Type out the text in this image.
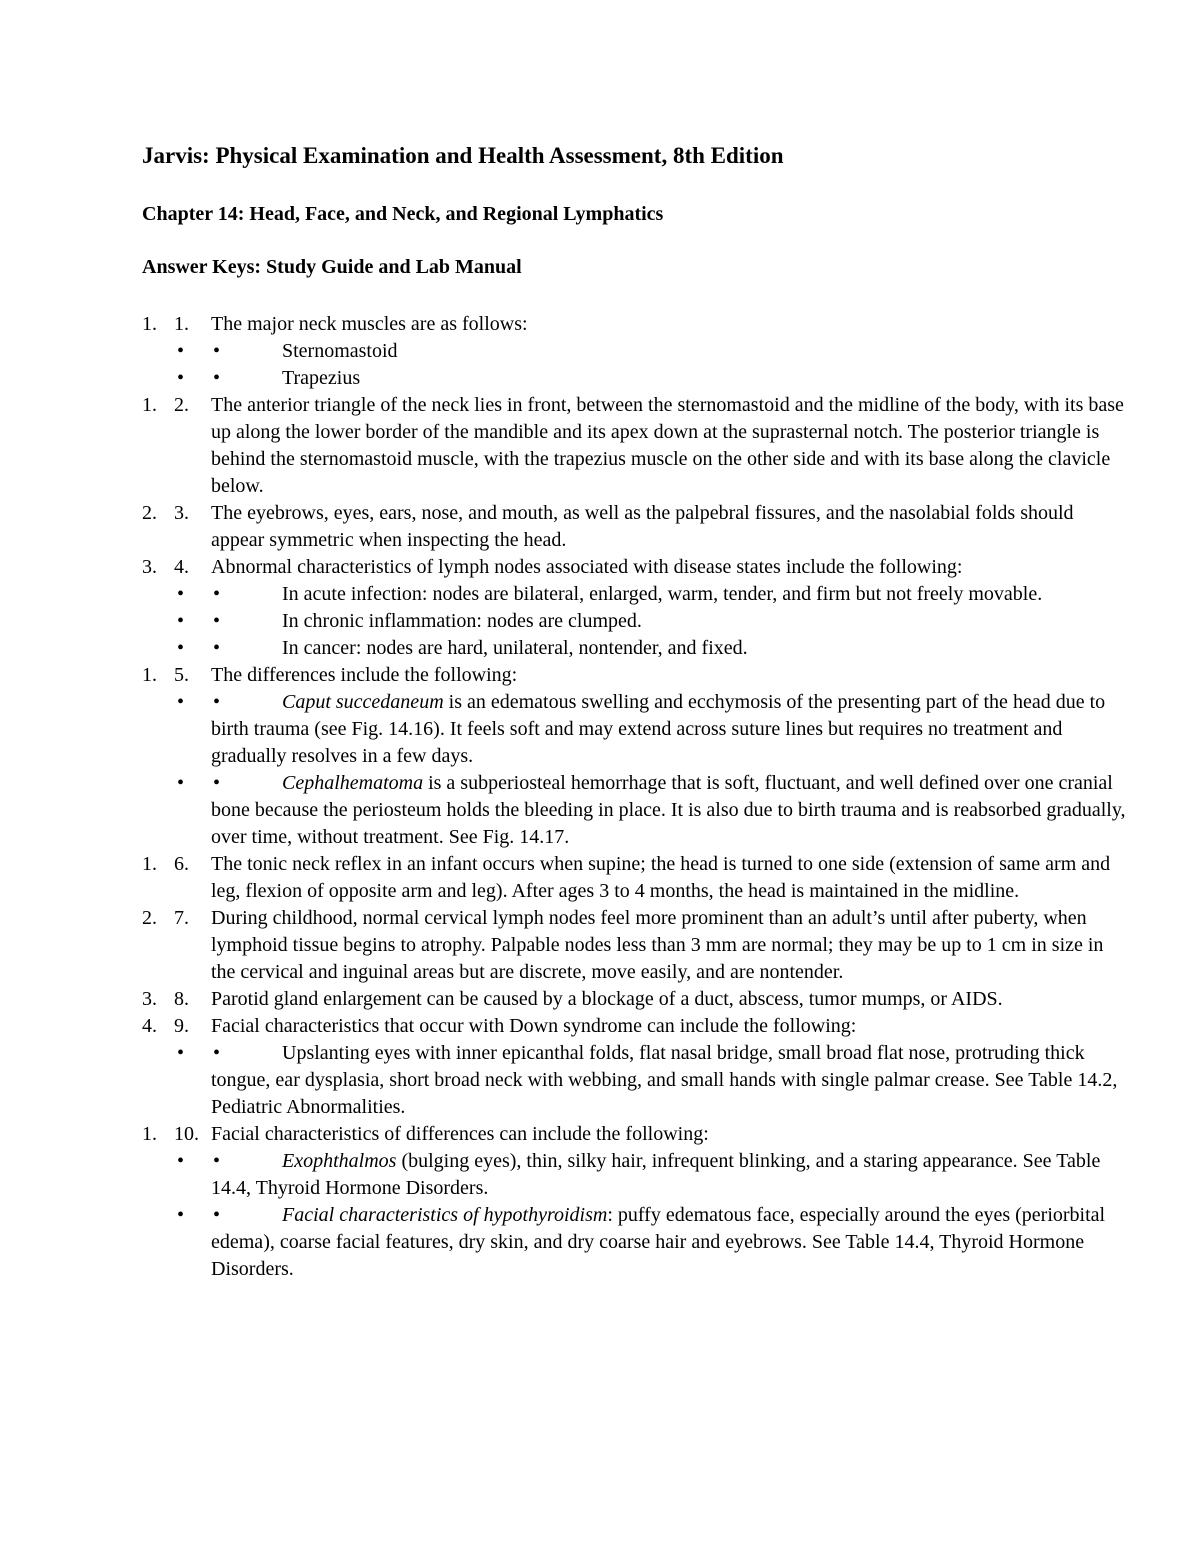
Jarvis: Physical Examination and Health Assessment, 8th Edition
Chapter 14: Head, Face, and Neck, and Regional Lymphatics
Answer Keys: Study Guide and Lab Manual
1. 1. The major neck muscles are as follows:
• •	Sternomastoid
• •	Trapezius
1. 2. The anterior triangle of the neck lies in front, between the sternomastoid and the midline of the body, with its base up along the lower border of the mandible and its apex down at the suprasternal notch. The posterior triangle is behind the sternomastoid muscle, with the trapezius muscle on the other side and with its base along the clavicle below.
2. 3. The eyebrows, eyes, ears, nose, and mouth, as well as the palpebral fissures, and the nasolabial folds should appear symmetric when inspecting the head.
3. 4. Abnormal characteristics of lymph nodes associated with disease states include the following:
• •	In acute infection: nodes are bilateral, enlarged, warm, tender, and firm but not freely movable.
• •	In chronic inflammation: nodes are clumped.
• •	In cancer: nodes are hard, unilateral, nontender, and fixed.
1. 5. The differences include the following:
• •	Caput succedaneum is an edematous swelling and ecchymosis of the presenting part of the head due to birth trauma (see Fig. 14.16). It feels soft and may extend across suture lines but requires no treatment and gradually resolves in a few days.
• •	Cephalhematoma is a subperiosteal hemorrhage that is soft, fluctuant, and well defined over one cranial bone because the periosteum holds the bleeding in place. It is also due to birth trauma and is reabsorbed gradually, over time, without treatment. See Fig. 14.17.
1. 6. The tonic neck reflex in an infant occurs when supine; the head is turned to one side (extension of same arm and leg, flexion of opposite arm and leg). After ages 3 to 4 months, the head is maintained in the midline.
2. 7. During childhood, normal cervical lymph nodes feel more prominent than an adult’s until after puberty, when lymphoid tissue begins to atrophy. Palpable nodes less than 3 mm are normal; they may be up to 1 cm in size in the cervical and inguinal areas but are discrete, move easily, and are nontender.
3. 8. Parotid gland enlargement can be caused by a blockage of a duct, abscess, tumor mumps, or AIDS.
4. 9. Facial characteristics that occur with Down syndrome can include the following:
• •	Upslanting eyes with inner epicanthal folds, flat nasal bridge, small broad flat nose, protruding thick tongue, ear dysplasia, short broad neck with webbing, and small hands with single palmar crease. See Table 14.2, Pediatric Abnormalities.
1. 10. Facial characteristics of differences can include the following:
• •	Exophthalmos (bulging eyes), thin, silky hair, infrequent blinking, and a staring appearance. See Table 14.4, Thyroid Hormone Disorders.
• •	Facial characteristics of hypothyroidism: puffy edematous face, especially around the eyes (periorbital edema), coarse facial features, dry skin, and dry coarse hair and eyebrows. See Table 14.4, Thyroid Hormone Disorders.
